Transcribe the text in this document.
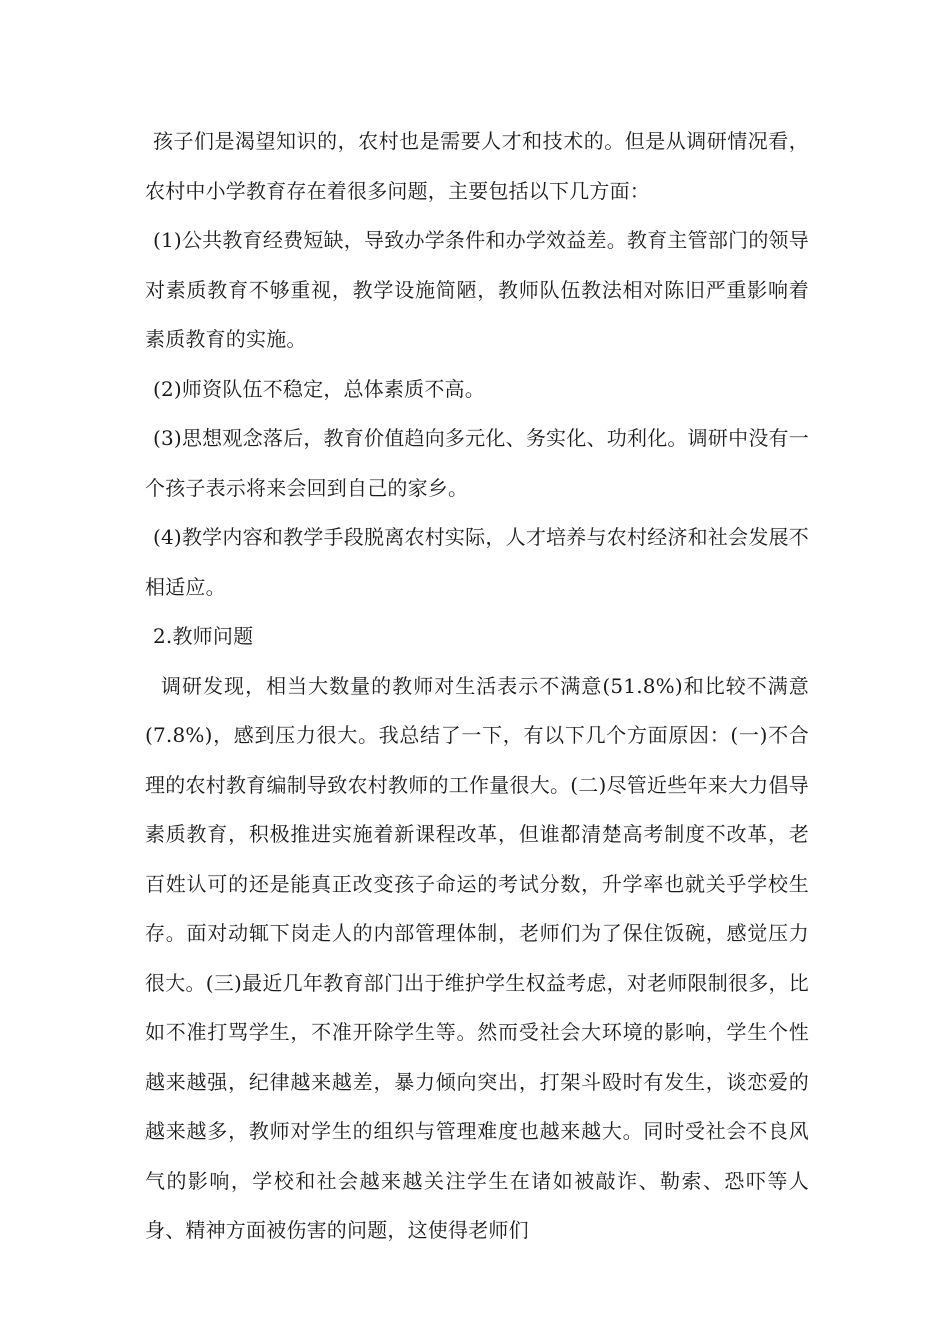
孩子们是渴望知识的，农村也是需要人才和技术的。但是从调研情况看，农村中小学教育存在着很多问题，主要包括以下几方面：

(1)公共教育经费短缺，导致办学条件和办学效益差。教育主管部门的领导对素质教育不够重视，教学设施简陋，教师队伍教法相对陈旧严重影响着素质教育的实施。

(2)师资队伍不稳定，总体素质不高。

(3)思想观念落后，教育价值趋向多元化、务实化、功利化。调研中没有一个孩子表示将来会回到自己的家乡。

(4)教学内容和教学手段脱离农村实际，人才培养与农村经济和社会发展不相适应。

2.教师问题

调研发现，相当大数量的教师对生活表示不满意(51.8%)和比较不满意(7.8%)，感到压力很大。我总结了一下，有以下几个方面原因：(一)不合理的农村教育编制导致农村教师的工作量很大。(二)尽管近些年来大力倡导素质教育，积极推进实施着新课程改革，但谁都清楚高考制度不改革，老百姓认可的还是能真正改变孩子命运的考试分数，升学率也就关乎学校生存。面对动辄下岗走人的内部管理体制，老师们为了保住饭碗，感觉压力很大。(三)最近几年教育部门出于维护学生权益考虑，对老师限制很多，比如不准打骂学生，不准开除学生等。然而受社会大环境的影响，学生个性越来越强，纪律越来越差，暴力倾向突出，打架斗殴时有发生，谈恋爱的越来越多，教师对学生的组织与管理难度也越来越大。同时受社会不良风气的影响，学校和社会越来越关注学生在诸如被敲诈、勒索、恐吓等人身、精神方面被伤害的问题，这使得老师们
